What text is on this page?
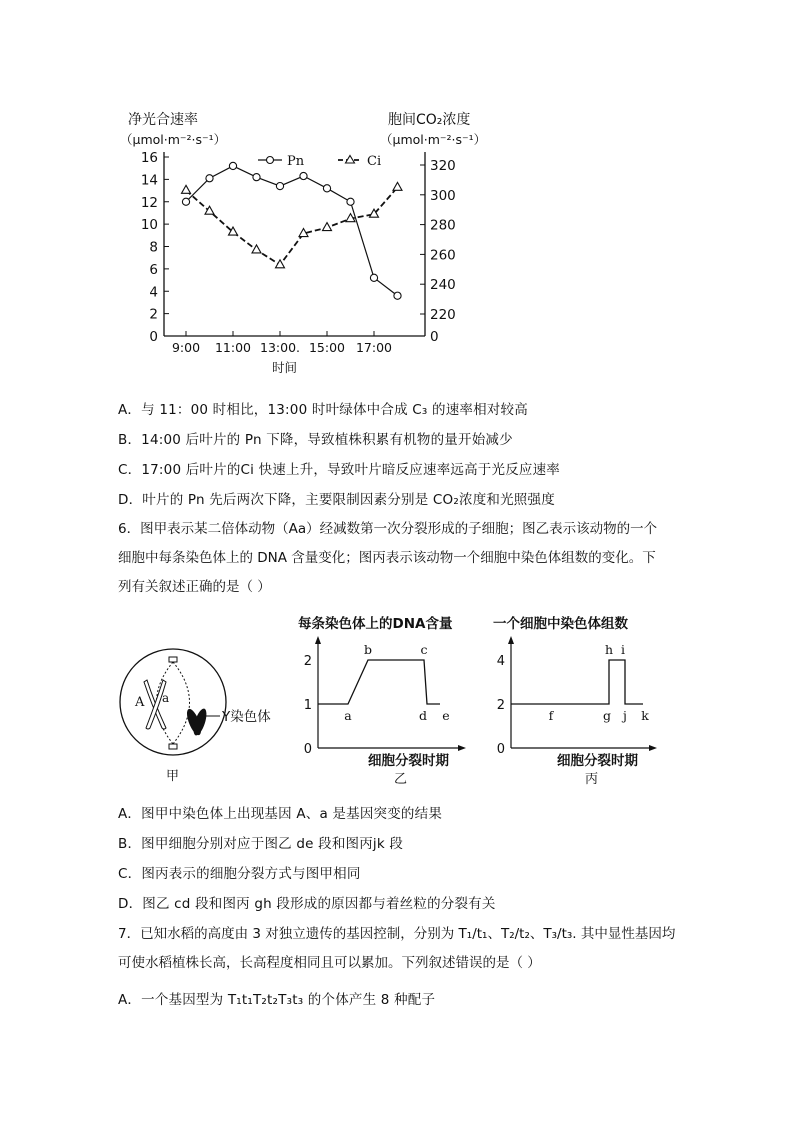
净光合速率
（μmol·m⁻²·s⁻¹）
胞间CO₂浓度
（μmol·m⁻²·s⁻¹）
0
2
4
6
8
10
12
14
16
0
220
240
260
280
300
320
9:00 11:00 13:00. 15:00 17:00
Pn	Ci
时间
A．与 11：00 时相比，13:00 时叶绿体中合成 C₃ 的速率相对较高
B．14:00 后叶片的 Pn 下降，导致植株积累有机物的量开始减少
C．17:00 后叶片的Ci 快速上升，导致叶片暗反应速率远高于光反应速率
D．叶片的 Pn 先后两次下降，主要限制因素分别是 CO₂浓度和光照强度
6．图甲表示某二倍体动物（Aa）经减数第一次分裂形成的子细胞；图乙表示该动物的一个
细胞中每条染色体上的 DNA 含量变化；图丙表示该动物一个细胞中染色体组数的变化。下
列有关叙述正确的是（ ）
A a
Y染色体
甲
每条染色体上的DNA含量
0
1
2
a
b	c
d e
细胞分裂时期
乙
一个细胞中染色体组数
0
2
4
f	g
h i
j k
细胞分裂时期
丙
A．图甲中染色体上出现基因 A、a 是基因突变的结果
B．图甲细胞分别对应于图乙 de 段和图丙jk 段
C．图丙表示的细胞分裂方式与图甲相同
D．图乙 cd 段和图丙 gh 段形成的原因都与着丝粒的分裂有关
7．已知水稻的高度由 3 对独立遗传的基因控制，分别为 T₁/t₁、T₂/t₂、T₃/t₃. 其中显性基因均
可使水稻植株长高，长高程度相同且可以累加。下列叙述错误的是（ ）
A．一个基因型为 T₁t₁T₂t₂T₃t₃ 的个体产生 8 种配子
